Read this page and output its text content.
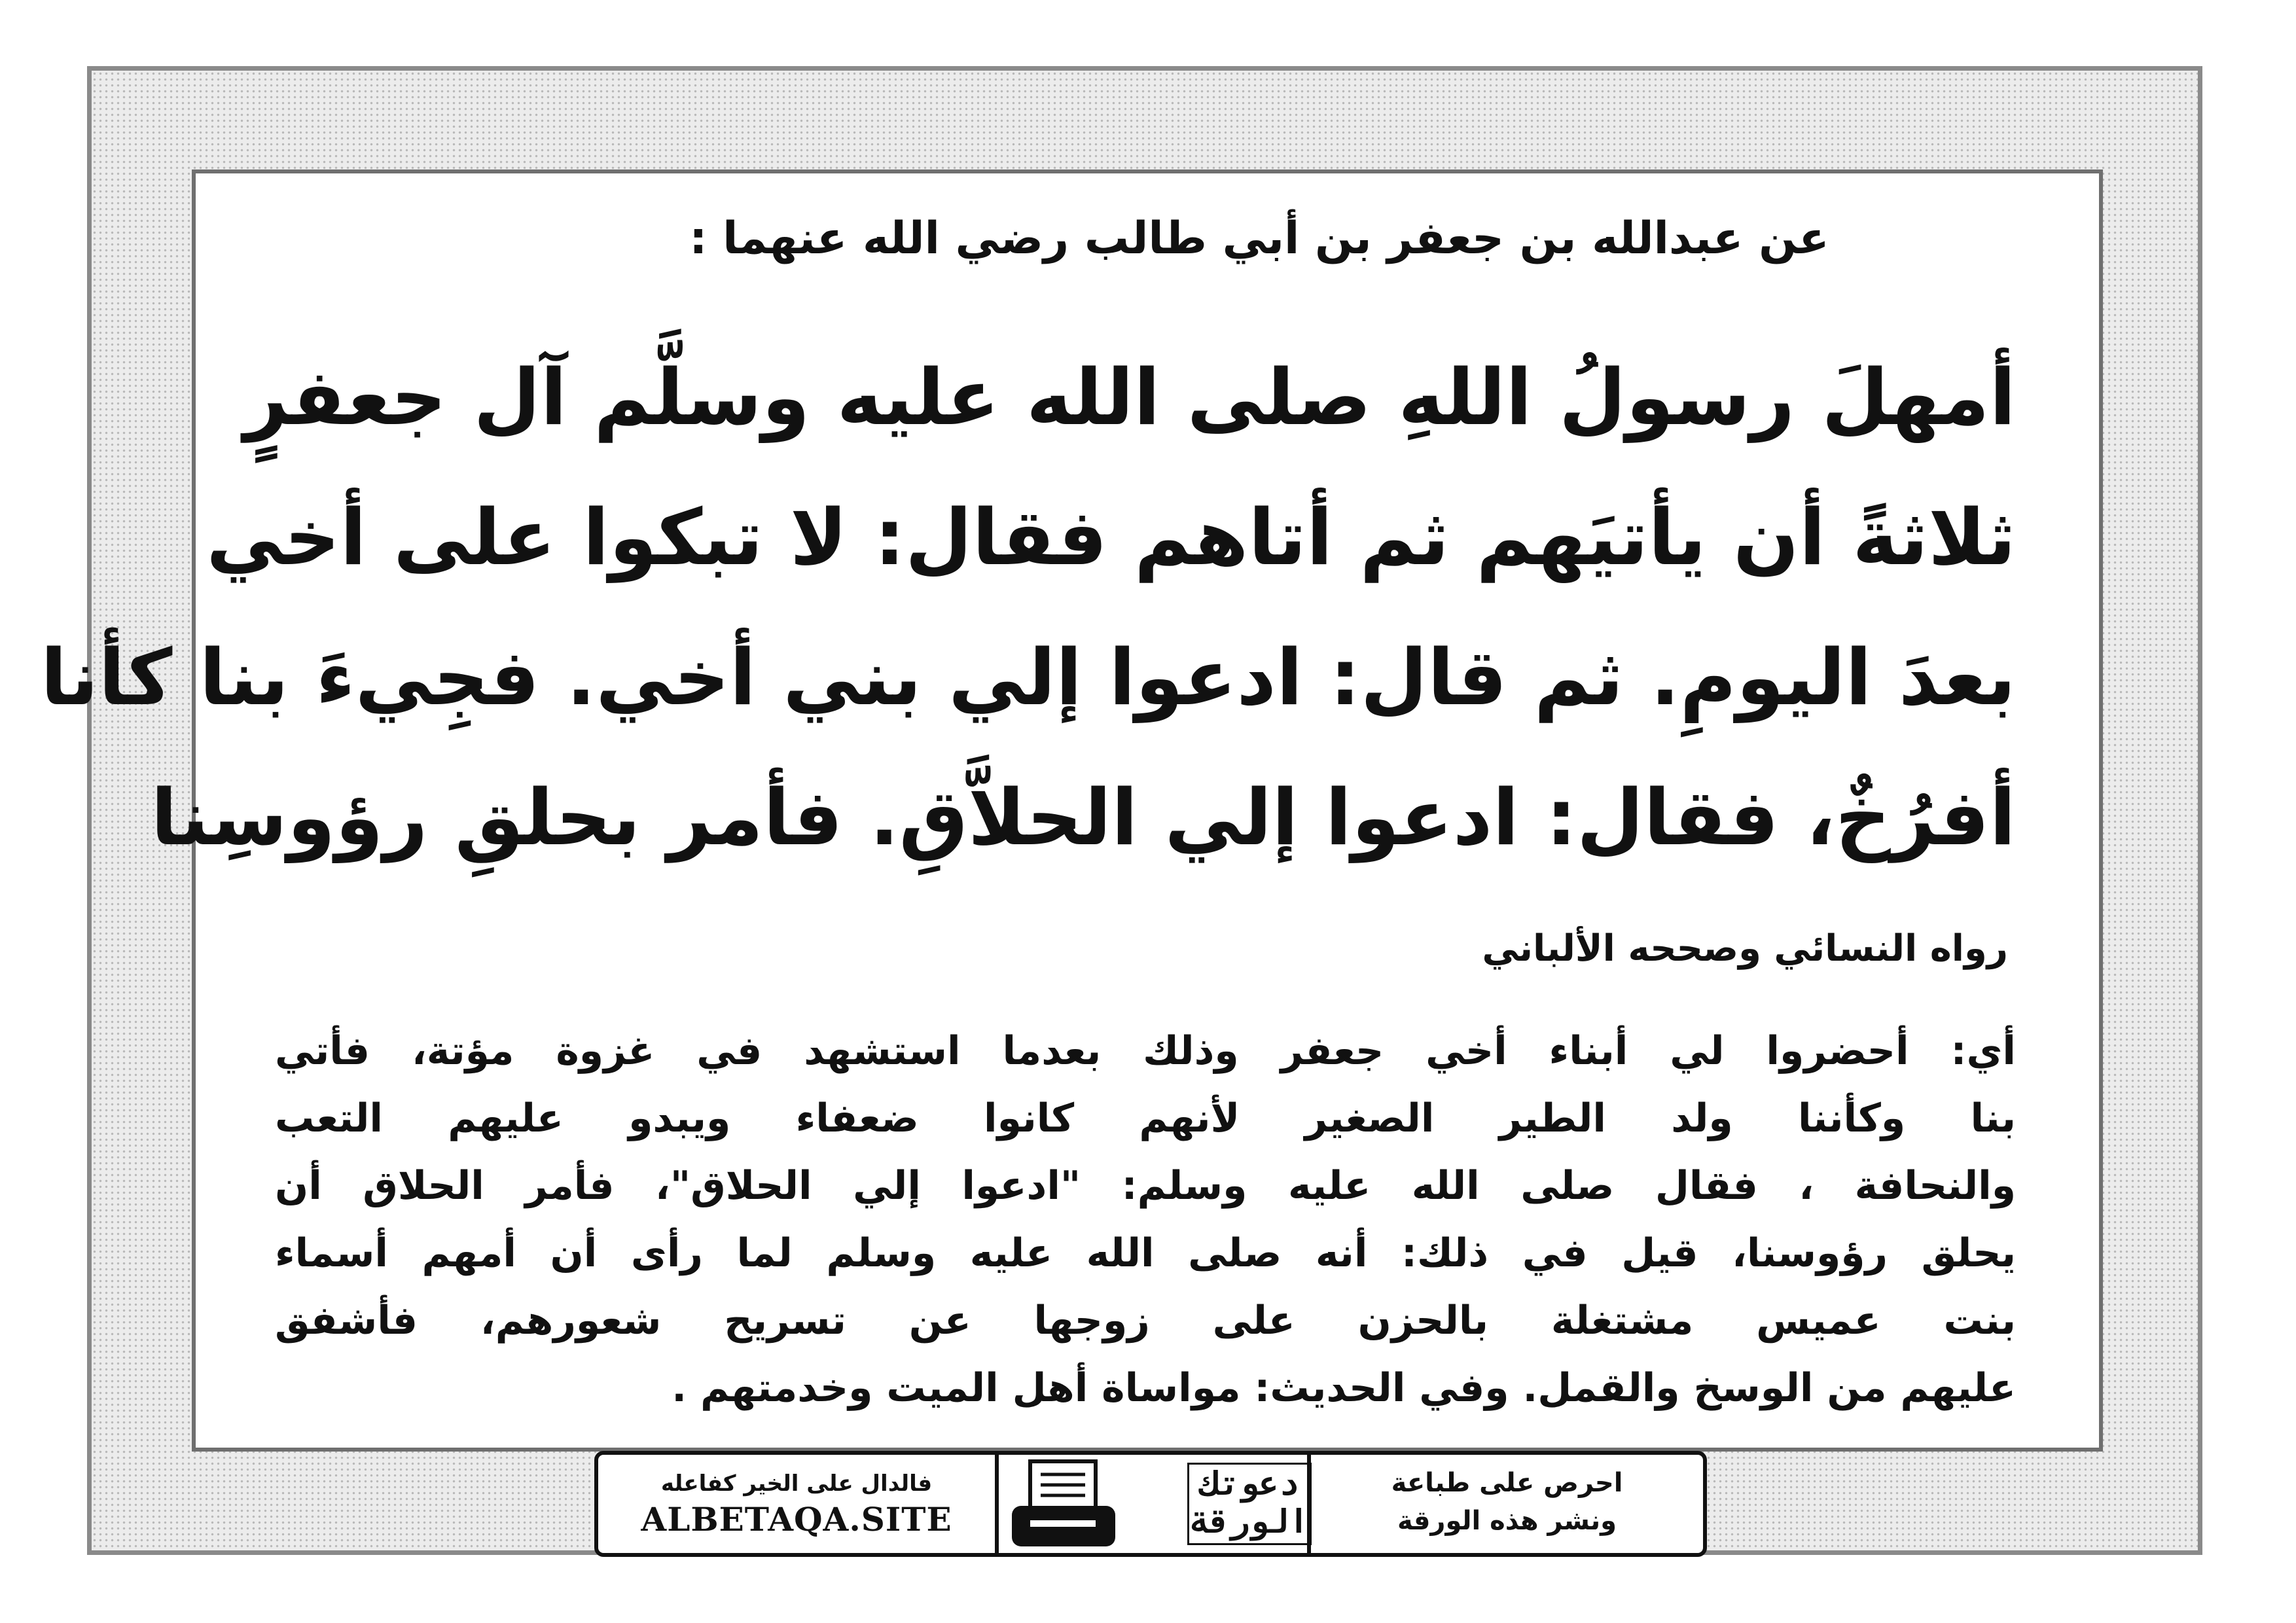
عن عبدالله بن جعفر بن أبي طالب رضي الله عنهما :
أمهلَ رسولُ اللهِ صلى الله عليه وسلَّم آل جعفرٍ
ثلاثةً أن يأتيَهم ثم أتاهم فقال: لا تبكوا على أخي
بعدَ اليومِ. ثم قال: ادعوا إلي بني أخي. فجِيءَ بنا كأنا
أفرُخٌ، فقال: ادعوا إلي الحلاَّقِ. فأمر بحلقِ رؤوسِنا
رواه النسائي وصححه الألباني
أي: أحضروا لي أبناء أخي جعفر وذلك بعدما استشهد في غزوة مؤتة، فأتي
بنا وكأننا ولد الطير الصغير لأنهم كانوا ضعفاء ويبدو عليهم التعب
والنحافة ، فقال صلى الله عليه وسلم: "ادعوا إلي الحلاق"، فأمر الحلاق أن
يحلق رؤوسنا، قيل في ذلك: أنه صلى الله عليه وسلم لما رأى أن أمهم أسماء
بنت عميس مشتغلة بالحزن على زوجها عن تسريح شعورهم، فأشفق
عليهم من الوسخ والقمل. وفي الحديث: مواساة أهل الميت وخدمتهم .
فالدال على الخير كفاعله
ALBETAQA.SITE
دعوتك
الورقة
احرص على طباعة
ونشر هذه الورقة
